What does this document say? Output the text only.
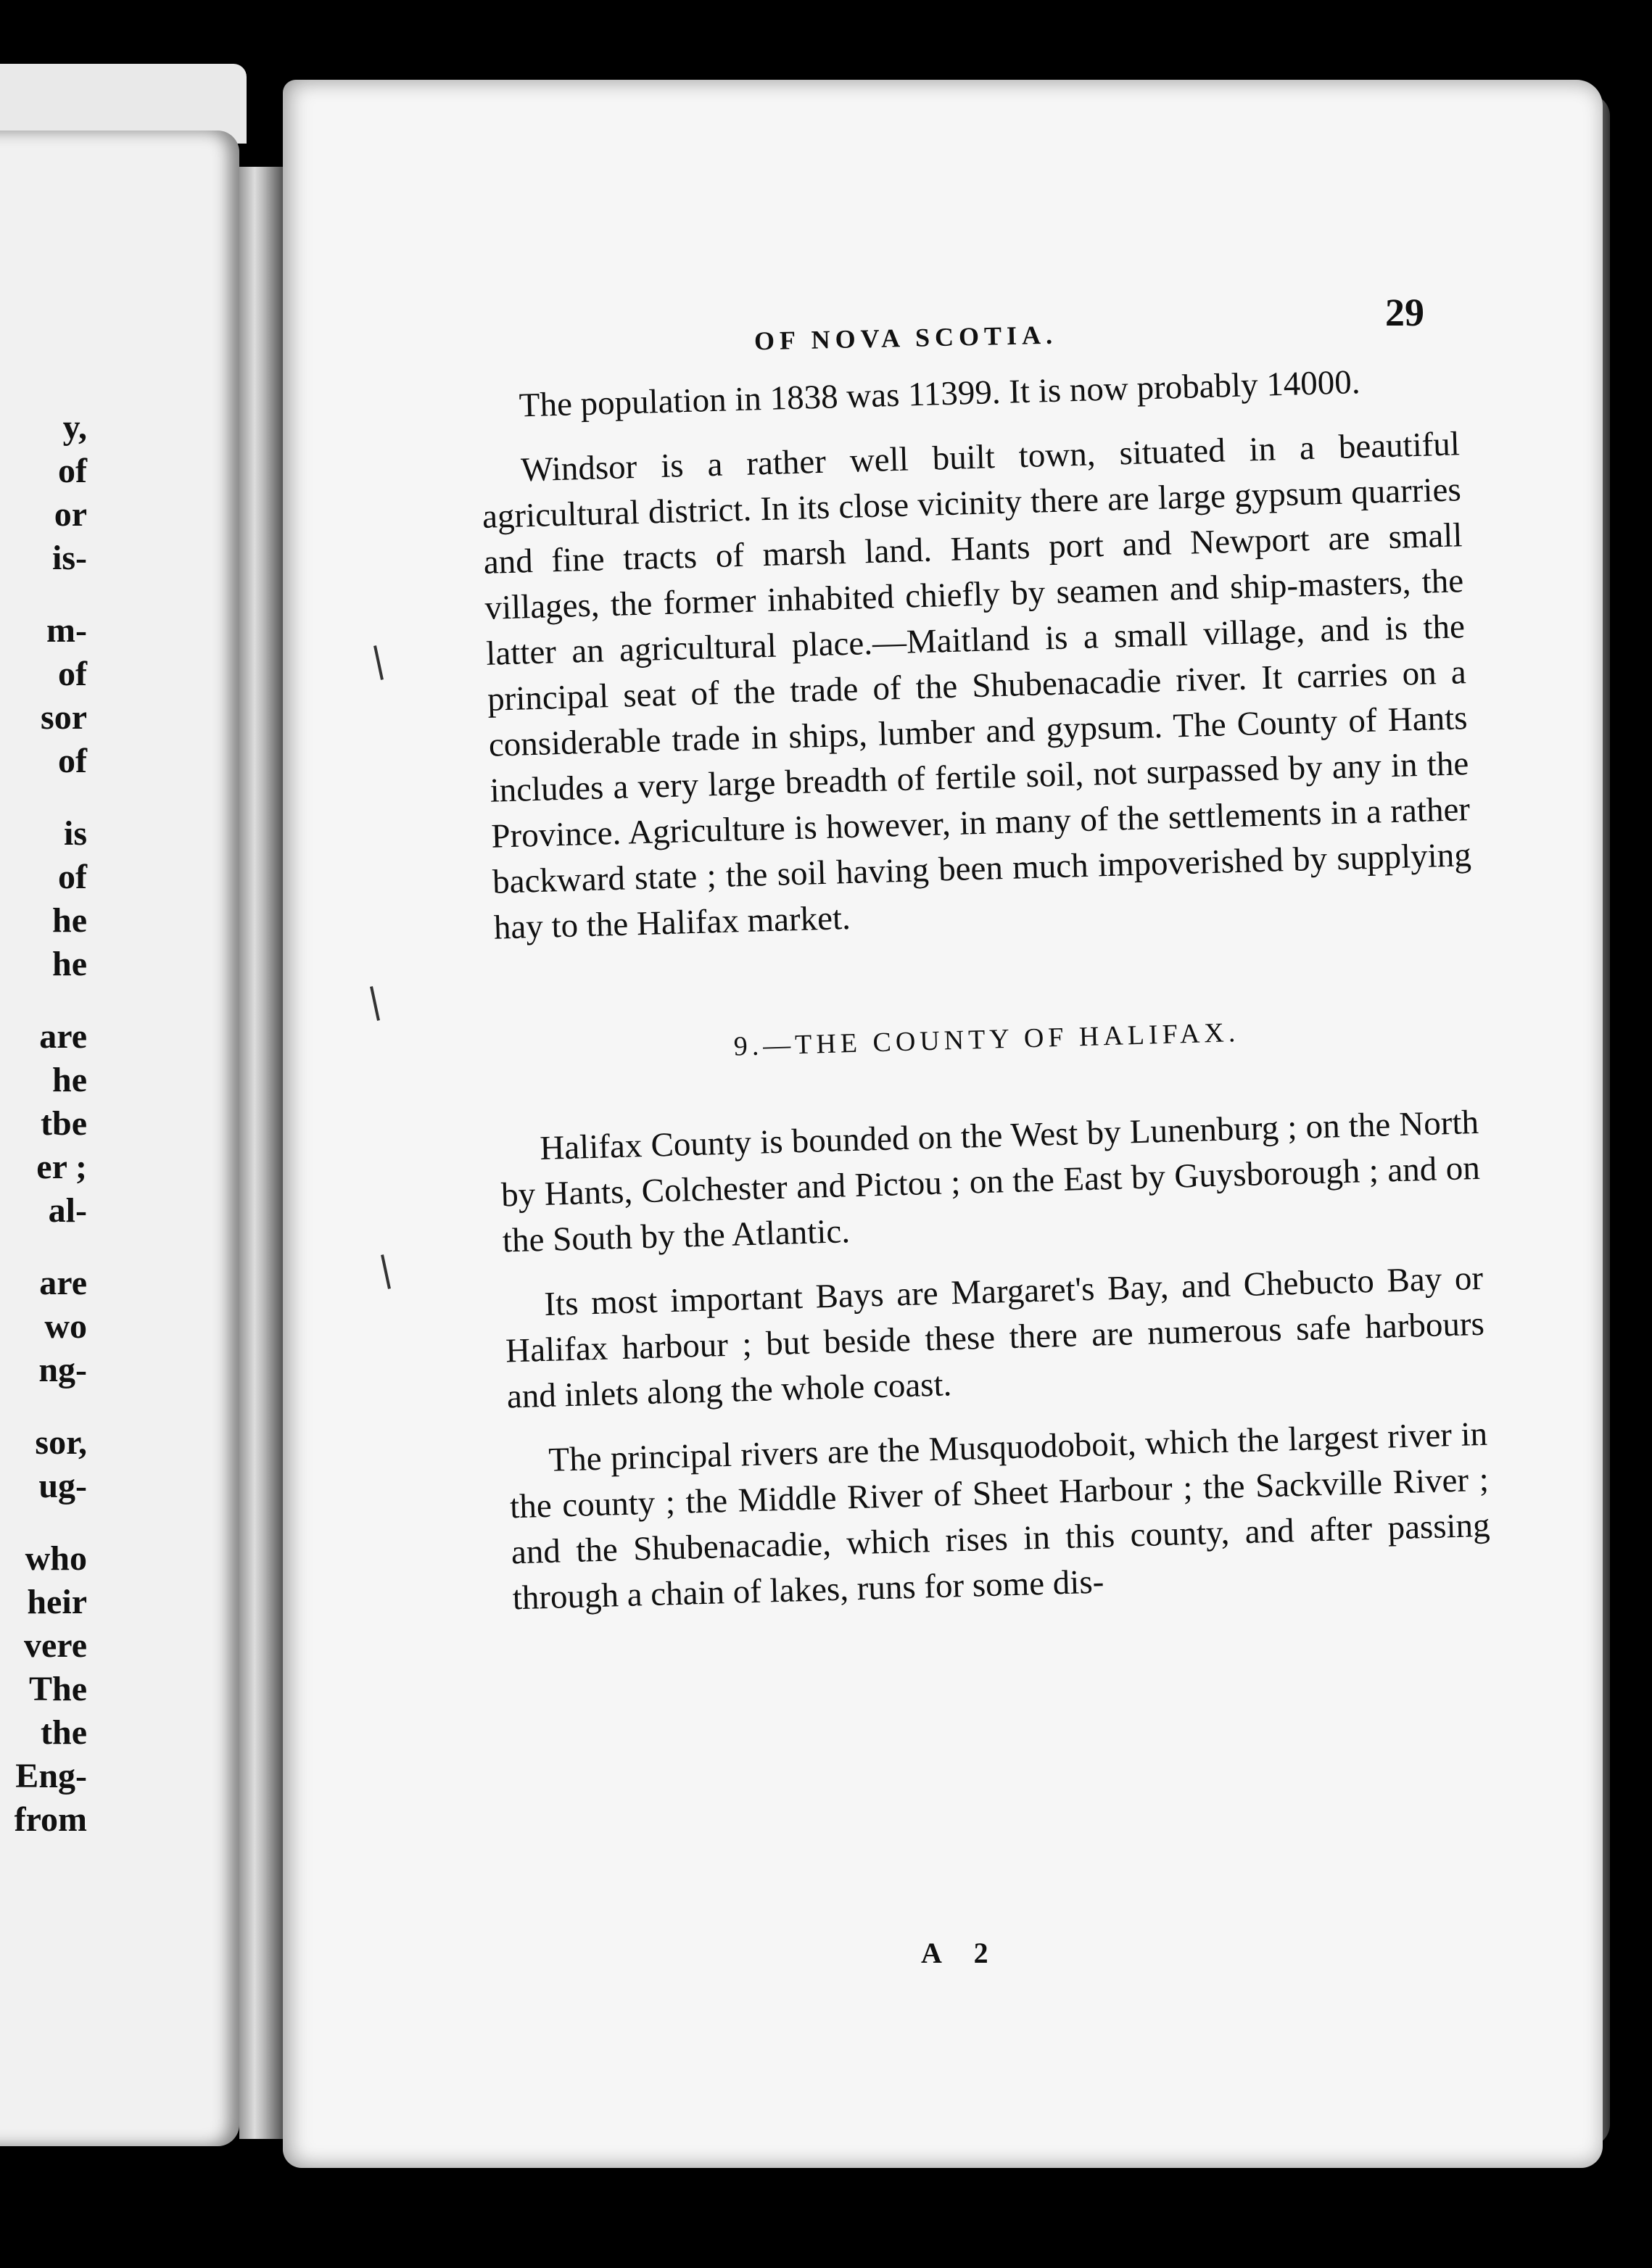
y,
of
or
is-
m-
of
sor
of
is
of
he
he
are
he
tbe
er ;
al-
are
wo
ng-
sor,
ug-
who
heir
vere
The
the
Eng-
from
OF NOVA SCOTIA.
29

The population in 1838 was 11399. It is now probably 14000.

Windsor is a rather well built town, situated in a beautiful agricultural district. In its close vicinity there are large gypsum quarries and fine tracts of marsh land. Hants port and Newport are small villages, the former inhabited chiefly by seamen and ship-masters, the latter an agricultural place.—Maitland is a small village, and is the principal seat of the trade of the Shubenacadie river. It carries on a considerable trade in ships, lumber and gypsum. The County of Hants includes a very large breadth of fertile soil, not surpassed by any in the Province. Agriculture is however, in many of the settlements in a rather backward state ; the soil having been much impoverished by supplying hay to the Halifax market.

9.—THE COUNTY OF HALIFAX.

Halifax County is bounded on the West by Lunenburg ; on the North by Hants, Colchester and Pictou ; on the East by Guysborough ; and on the South by the Atlantic.

Its most important Bays are Margaret's Bay, and Chebucto Bay or Halifax harbour ; but beside these there are numerous safe harbours and inlets along the whole coast.

The principal rivers are the Musquodoboit, which the largest river in the county ; the Middle River of Sheet Harbour ; the Sackville River ; and the Shubenacadie, which rises in this county, and after passing through a chain of lakes, runs for some dis-

A 2
